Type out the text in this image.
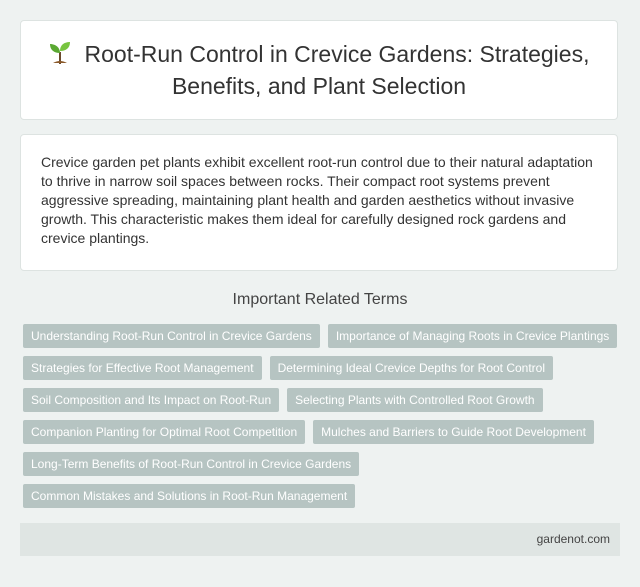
Root-Run Control in Crevice Gardens: Strategies, Benefits, and Plant Selection

Crevice garden pet plants exhibit excellent root-run control due to their natural adaptation to thrive in narrow soil spaces between rocks. Their compact root systems prevent aggressive spreading, maintaining plant health and garden aesthetics without invasive growth. This characteristic makes them ideal for carefully designed rock gardens and crevice plantings.

Important Related Terms
Understanding Root-Run Control in Crevice Gardens	Importance of Managing Roots in Crevice Plantings
Strategies for Effective Root Management	Determining Ideal Crevice Depths for Root Control
Soil Composition and Its Impact on Root-Run	Selecting Plants with Controlled Root Growth
Companion Planting for Optimal Root Competition	Mulches and Barriers to Guide Root Development
Long-Term Benefits of Root-Run Control in Crevice Gardens
Common Mistakes and Solutions in Root-Run Management
gardenot.com
